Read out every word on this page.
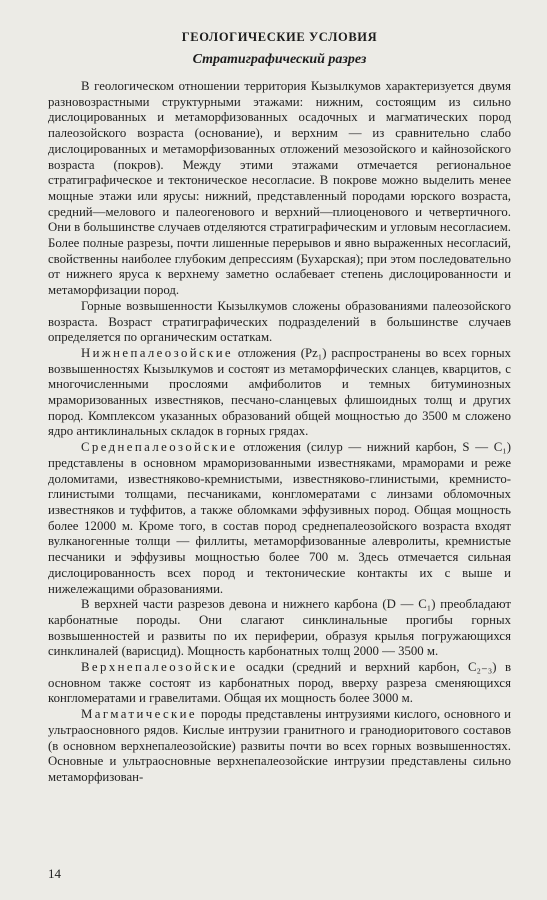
ГЕОЛОГИЧЕСКИЕ УСЛОВИЯ
Стратиграфический разрез

В геологическом отношении территория Кызылкумов характеризуется двумя разновозрастными структурными этажами: нижним, состоящим из сильно дислоцированных и метаморфизованных осадочных и магматических пород палеозойского возраста (основание), и верхним — из сравнительно слабо дислоцированных и метаморфизованных отложений мезозойского и кайнозойского возраста (покров). Между этими этажами отмечается региональное стратиграфическое и тектоническое несогласие. В покрове можно выделить менее мощные этажи или ярусы: нижний, представленный породами юрского возраста, средний—мелового и палеогенового и верхний—плиоценового и четвертичного. Они в большинстве случаев отделяются стратиграфическим и угловым несогласием. Более полные разрезы, почти лишенные перерывов и явно выраженных несогласий, свойственны наиболее глубоким депрессиям (Бухарская); при этом последовательно от нижнего яруса к верхнему заметно ослабевает степень дислоцированности и метаморфизации пород.

Горные возвышенности Кызылкумов сложены образованиями палеозойского возраста. Возраст стратиграфических подразделений в большинстве случаев определяется по органическим остаткам.

Нижнепалеозойские отложения (Pz₁) распространены во всех горных возвышенностях Кызылкумов и состоят из метаморфических сланцев, кварцитов, с многочисленными прослоями амфиболитов и темных битуминозных мраморизованных известняков, песчано-сланцевых флишоидных толщ и других пород. Комплексом указанных образований общей мощностью до 3500 м сложено ядро антиклинальных складок в горных грядах.

Среднепалеозойские отложения (силур — нижний карбон, S — C₁) представлены в основном мраморизованными известняками, мраморами и реже доломитами, известняково-кремнистыми, известняково-глинистыми, кремнисто-глинистыми толщами, песчаниками, конгломератами с линзами обломочных известняков и туффитов, а также обломками эффузивных пород. Общая мощность более 12000 м. Кроме того, в состав пород среднепалеозойского возраста входят вулканогенные толщи — филлиты, метаморфизованные алевролиты, кремнистые песчаники и эффузивы мощностью более 700 м. Здесь отмечается сильная дислоцированность всех пород и тектонические контакты их с выше и нижележащими образованиями.

В верхней части разрезов девона и нижнего карбона (D — C₁) преобладают карбонатные породы. Они слагают синклинальные прогибы горных возвышенностей и развиты по их периферии, образуя крылья погружающихся синклиналей (варисцид). Мощность карбонатных толщ 2000 — 3500 м.

Верхнепалеозойские осадки (средний и верхний карбон, C₂₋₃) в основном также состоят из карбонатных пород, вверху разреза сменяющихся конгломератами и гравелитами. Общая их мощность более 3000 м.

Магматические породы представлены интрузиями кислого, основного и ультраосновного рядов. Кислые интрузии гранитного и гранодиоритового составов (в основном верхнепалеозойские) развиты почти во всех горных возвышенностях. Основные и ультраосновные верхнепалеозойские интрузии представлены сильно метаморфизован-

14
